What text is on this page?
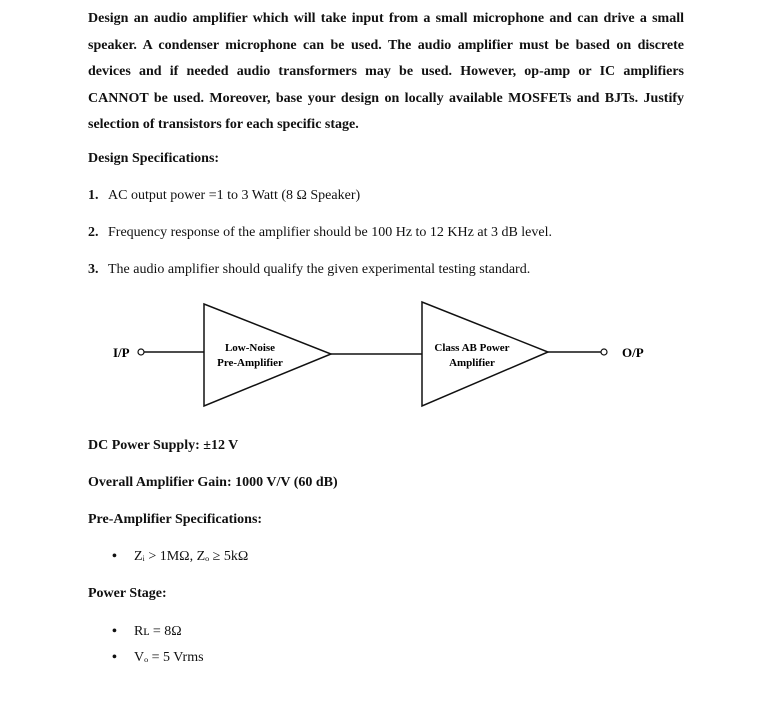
Design an audio amplifier which will take input from a small microphone and can drive a small speaker. A condenser microphone can be used. The audio amplifier must be based on discrete devices and if needed audio transformers may be used. However, op-amp or IC amplifiers CANNOT be used. Moreover, base your design on locally available MOSFETs and BJTs. Justify selection of transistors for each specific stage.

Design Specifications:

1. AC output power =1 to 3 Watt (8 Ω Speaker)

2. Frequency response of the amplifier should be 100 Hz to 12 KHz at 3 dB level.

3. The audio amplifier should qualify the given experimental testing standard.

I/P	Low-Noise
Pre-Amplifier
Class AB Power
Amplifier
O/P

DC Power Supply: ±12 V

Overall Amplifier Gain: 1000 V/V (60 dB)

Pre-Amplifier Specifications:

• Zᵢ > 1MΩ, Zₒ ≥ 5kΩ

Power Stage:

• Rʟ = 8Ω

• Vₒ = 5 Vrms
